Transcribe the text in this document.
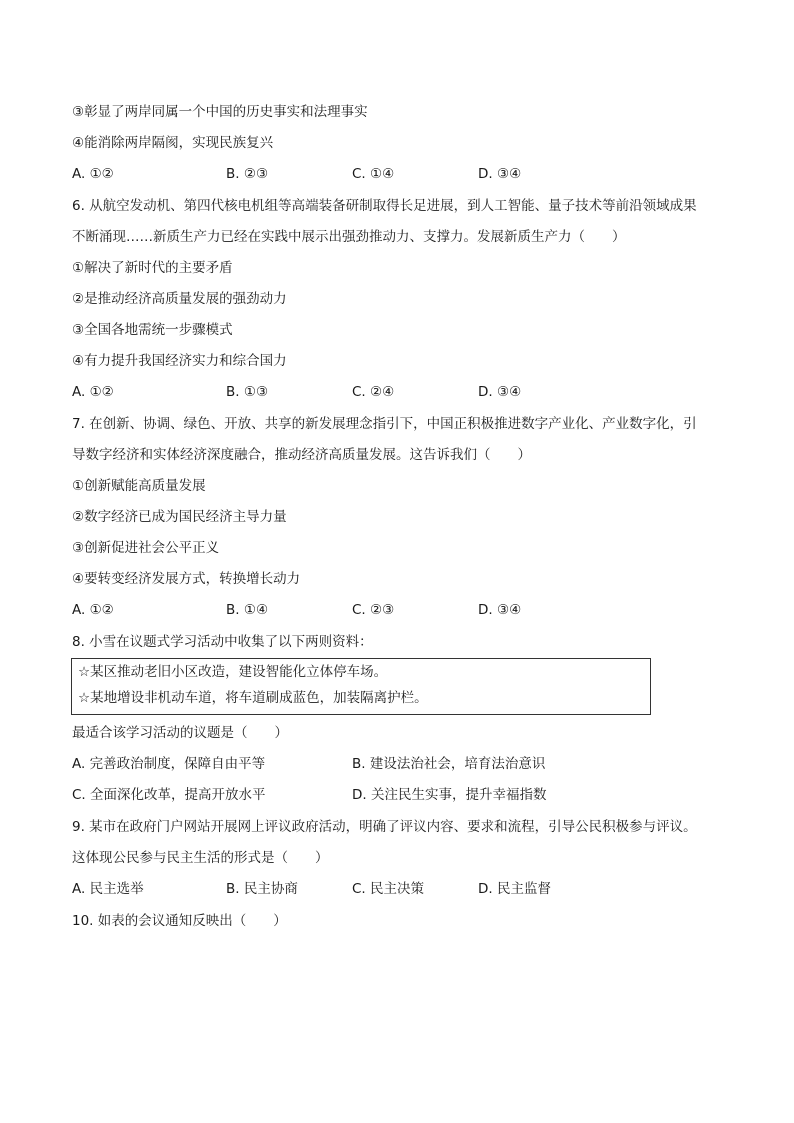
③彰显了两岸同属一个中国的历史事实和法理事实
④能消除两岸隔阂，实现民族复兴
A. ①②	B. ②③	C. ①④	D. ③④
6. 从航空发动机、第四代核电机组等高端装备研制取得长足进展，到人工智能、量子技术等前沿领域成果
不断涌现……新质生产力已经在实践中展示出强劲推动力、支撑力。发展新质生产力（　　）
①解决了新时代的主要矛盾
②是推动经济高质量发展的强劲动力
③全国各地需统一步骤模式
④有力提升我国经济实力和综合国力
A. ①②	B. ①③	C. ②④	D. ③④
7. 在创新、协调、绿色、开放、共享的新发展理念指引下，中国正积极推进数字产业化、产业数字化，引
导数字经济和实体经济深度融合，推动经济高质量发展。这告诉我们（　　）
①创新赋能高质量发展
②数字经济已成为国民经济主导力量
③创新促进社会公平正义
④要转变经济发展方式，转换增长动力
A. ①②	B. ①④	C. ②③	D. ③④
8. 小雪在议题式学习活动中收集了以下两则资料：
☆某区推动老旧小区改造，建设智能化立体停车场。
☆某地增设非机动车道，将车道刷成蓝色，加装隔离护栏。
最适合该学习活动的议题是（　　）
A. 完善政治制度，保障自由平等	B. 建设法治社会，培育法治意识
C. 全面深化改革，提高开放水平	D. 关注民生实事，提升幸福指数
9. 某市在政府门户网站开展网上评议政府活动，明确了评议内容、要求和流程，引导公民积极参与评议。
这体现公民参与民主生活的形式是（　　）
A. 民主选举	B. 民主协商	C. 民主决策	D. 民主监督
10. 如表的会议通知反映出（　　）
